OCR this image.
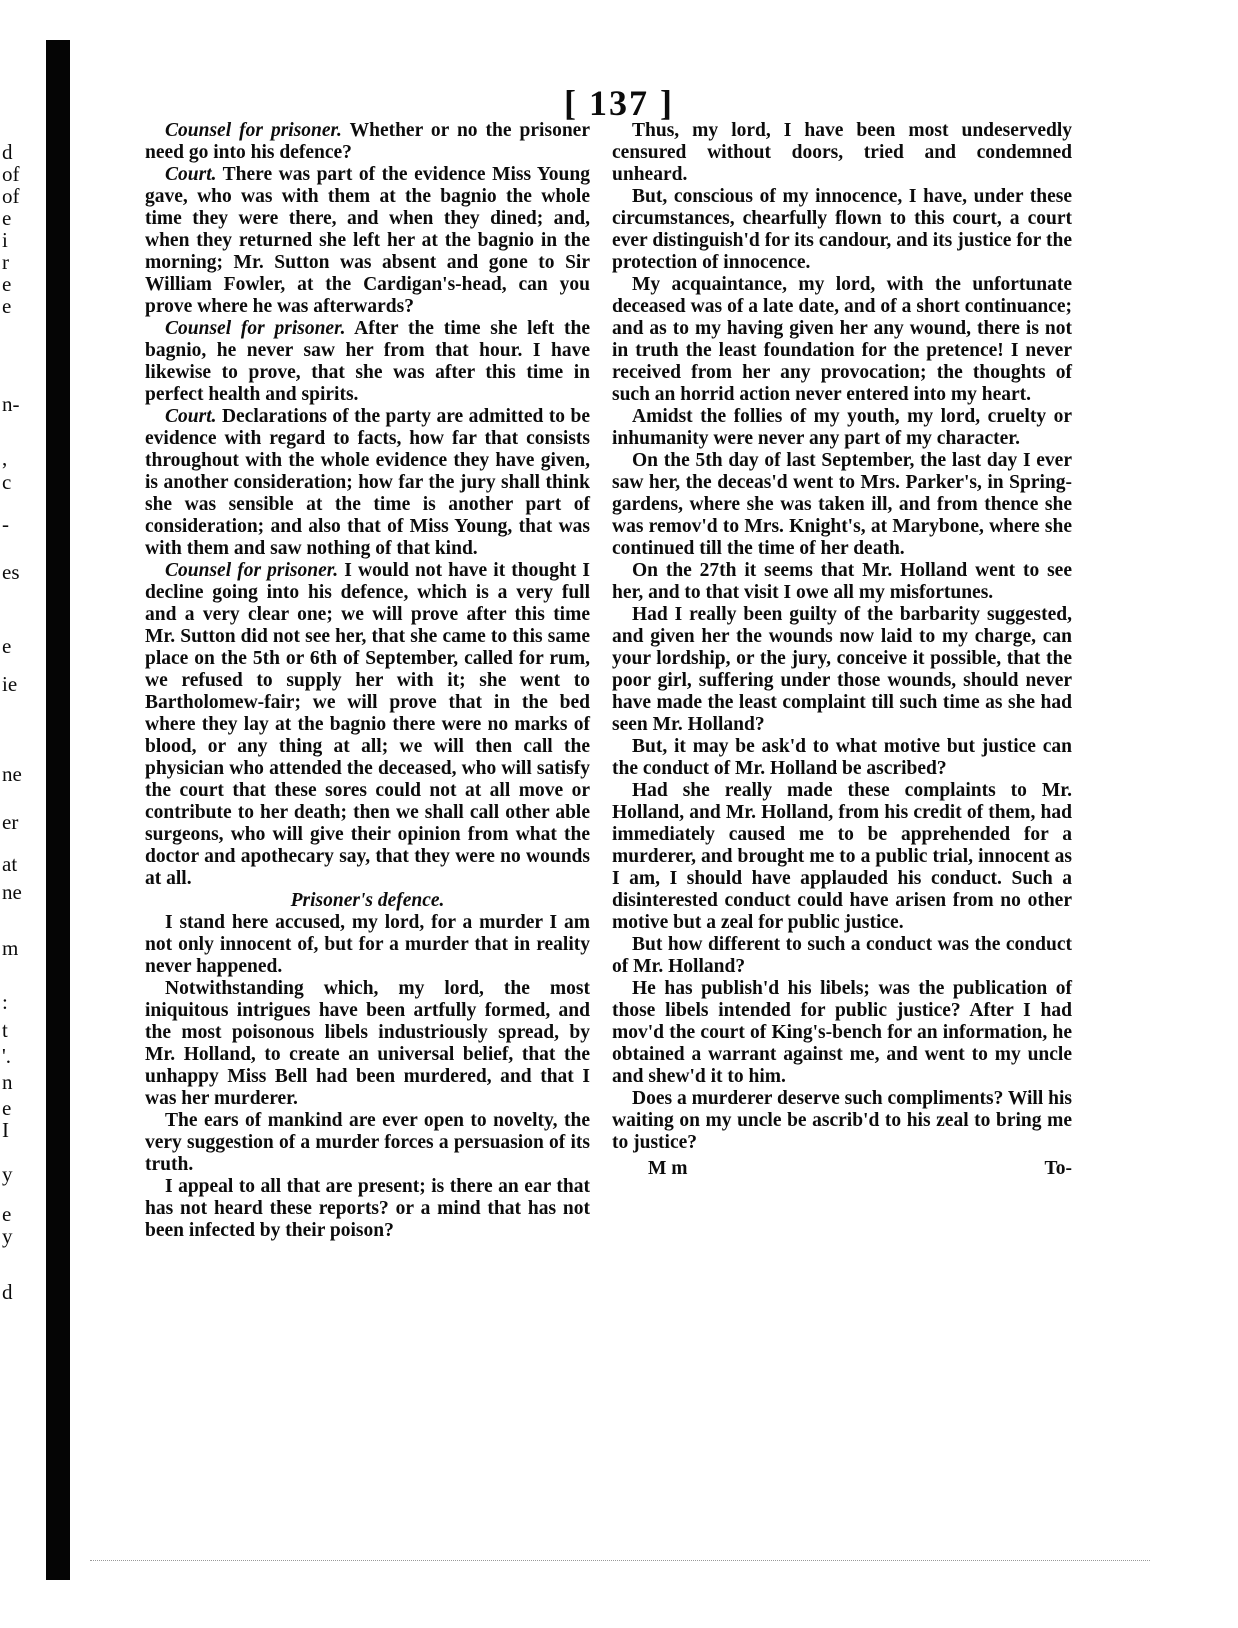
d
of
of
e
i
r
e
e
n-
,
c
-
es
e
ie
ne
er
at
ne
m
:
t
'.
n
e
I
y
e
y
d
[ 137 ]

Counsel for prisoner. Whether or no the prisoner need go into his defence?

Court. There was part of the evidence Miss Young gave, who was with them at the bagnio the whole time they were there, and when they dined; and, when they returned she left her at the bagnio in the morning; Mr. Sutton was absent and gone to Sir William Fowler, at the Cardigan's-head, can you prove where he was afterwards?

Counsel for prisoner. After the time she left the bagnio, he never saw her from that hour. I have likewise to prove, that she was after this time in perfect health and spirits.

Court. Declarations of the party are admitted to be evidence with regard to facts, how far that consists throughout with the whole evidence they have given, is another consideration; how far the jury shall think she was sensible at the time is another part of consideration; and also that of Miss Young, that was with them and saw nothing of that kind.

Counsel for prisoner. I would not have it thought I decline going into his defence, which is a very full and a very clear one; we will prove after this time Mr. Sutton did not see her, that she came to this same place on the 5th or 6th of September, called for rum, we refused to supply her with it; she went to Bartholomew-fair; we will prove that in the bed where they lay at the bagnio there were no marks of blood, or any thing at all; we will then call the physician who attended the deceased, who will satisfy the court that these sores could not at all move or contribute to her death; then we shall call other able surgeons, who will give their opinion from what the doctor and apothecary say, that they were no wounds at all.

Prisoner's defence.

I stand here accused, my lord, for a murder I am not only innocent of, but for a murder that in reality never happened.

Notwithstanding which, my lord, the most iniquitous intrigues have been artfully formed, and the most poisonous libels industriously spread, by Mr. Holland, to create an universal belief, that the unhappy Miss Bell had been murdered, and that I was her murderer.

The ears of mankind are ever open to novelty, the very suggestion of a murder forces a persuasion of its truth.

I appeal to all that are present; is there an ear that has not heard these reports? or a mind that has not been infected by their poison?

Thus, my lord, I have been most undeservedly censured without doors, tried and condemned unheard.

But, conscious of my innocence, I have, under these circumstances, chearfully flown to this court, a court ever distinguish'd for its candour, and its justice for the protection of innocence.

My acquaintance, my lord, with the unfortunate deceased was of a late date, and of a short continuance; and as to my having given her any wound, there is not in truth the least foundation for the pretence! I never received from her any provocation; the thoughts of such an horrid action never entered into my heart.

Amidst the follies of my youth, my lord, cruelty or inhumanity were never any part of my character.

On the 5th day of last September, the last day I ever saw her, the deceas'd went to Mrs. Parker's, in Spring-gardens, where she was taken ill, and from thence she was remov'd to Mrs. Knight's, at Marybone, where she continued till the time of her death.

On the 27th it seems that Mr. Holland went to see her, and to that visit I owe all my misfortunes.

Had I really been guilty of the barbarity suggested, and given her the wounds now laid to my charge, can your lordship, or the jury, conceive it possible, that the poor girl, suffering under those wounds, should never have made the least complaint till such time as she had seen Mr. Holland?

But, it may be ask'd to what motive but justice can the conduct of Mr. Holland be ascribed?

Had she really made these complaints to Mr. Holland, and Mr. Holland, from his credit of them, had immediately caused me to be apprehended for a murderer, and brought me to a public trial, innocent as I am, I should have applauded his conduct. Such a disinterested conduct could have arisen from no other motive but a zeal for public justice.

But how different to such a conduct was the conduct of Mr. Holland?

He has publish'd his libels; was the publication of those libels intended for public justice? After I had mov'd the court of King's-bench for an information, he obtained a warrant against me, and went to my uncle and shew'd it to him.

Does a murderer deserve such compliments? Will his waiting on my uncle be ascrib'd to his zeal to bring me to justice?

M m	To-
